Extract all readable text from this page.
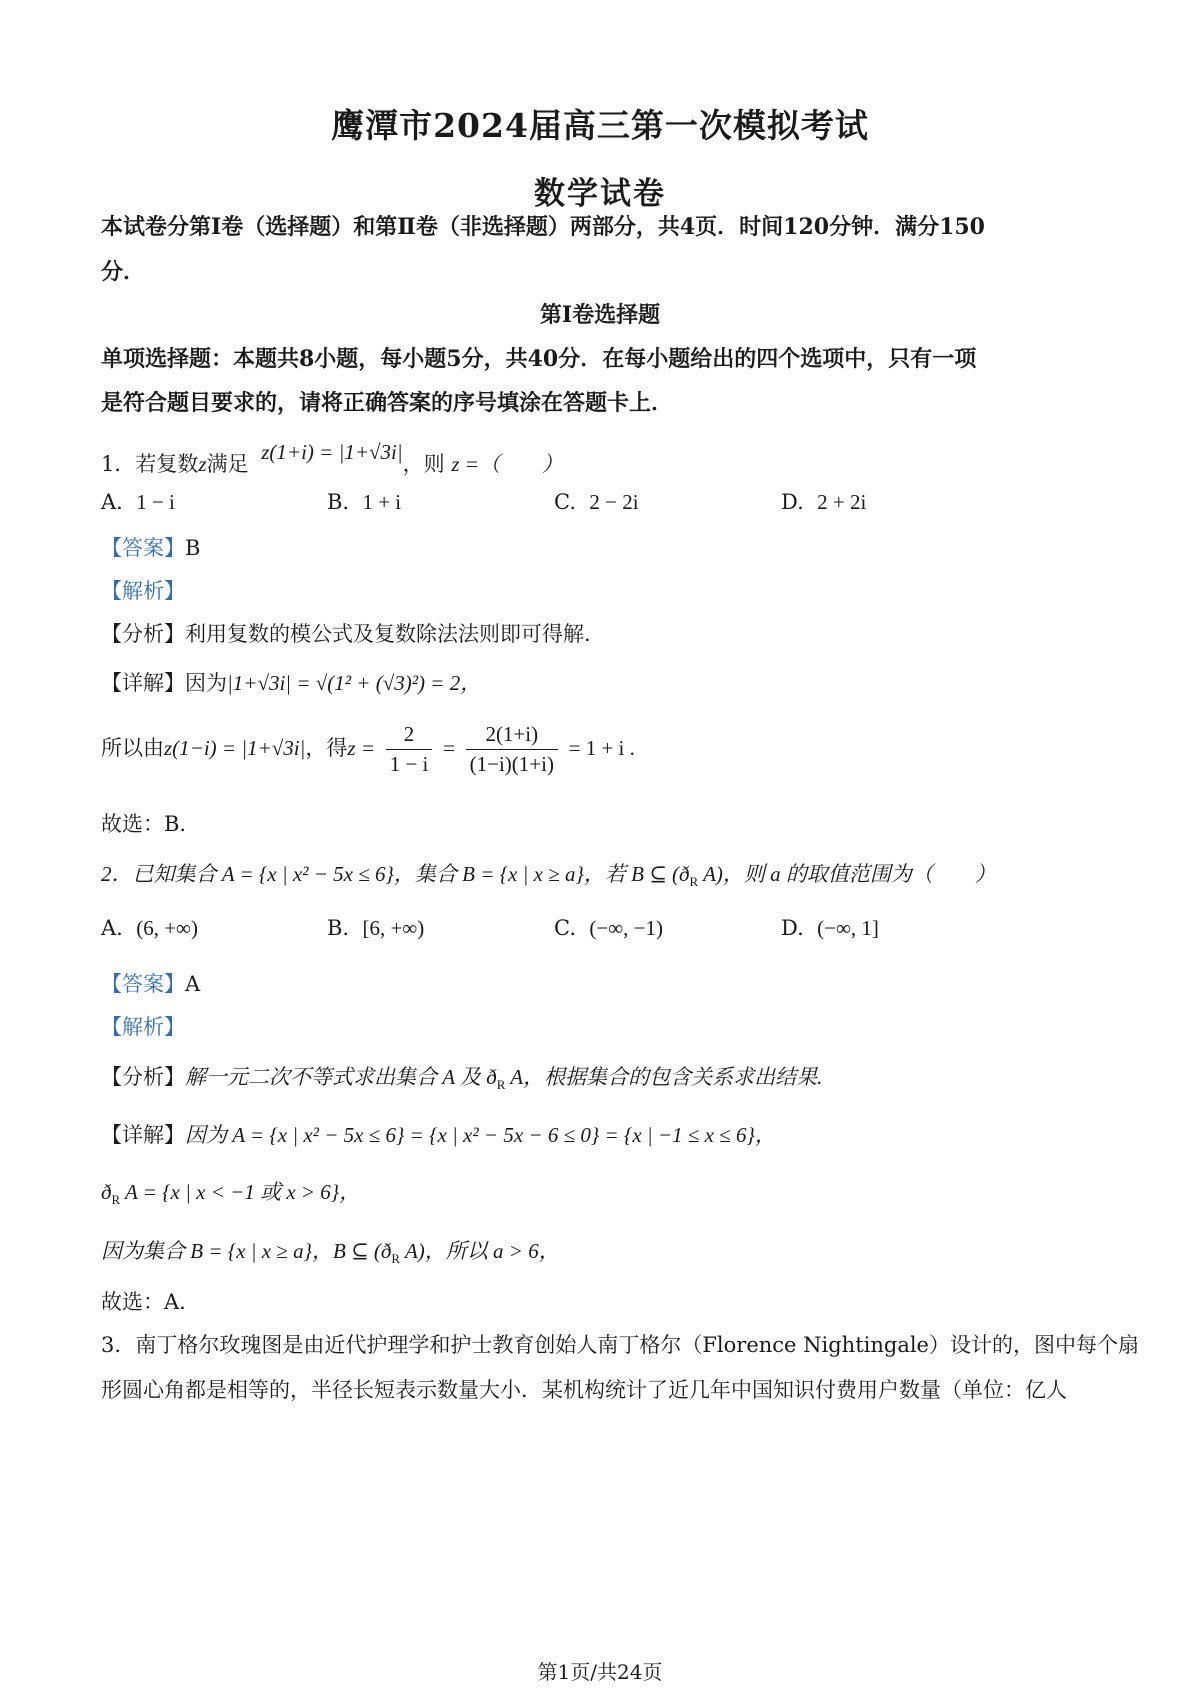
鹰潭市2024届高三第一次模拟考试
数学试卷
本试卷分第Ⅰ卷（选择题）和第Ⅱ卷（非选择题）两部分，共4页．时间120分钟．满分150
分．
第Ⅰ卷选择题
单项选择题：本题共8小题，每小题5分，共40分．在每小题给出的四个选项中，只有一项
是符合题目要求的，请将正确答案的序号填涂在答题卡上．
1．若复数z满足 z(1+i) = |1+√3i|，则 z =（　　）
A. 1 − i	B. 1 + i	C. 2 − 2i	D. 2 + 2i
【答案】B
【解析】
【分析】利用复数的模公式及复数除法法则即可得解.
【详解】因为|1+√3i| = √(1² + (√3)²) = 2，
所以由z(1−i) = |1+√3i|，得$z = \frac{2}{1 - i} = \frac{2(1+i)}{(1-i)(1+i)} = 1 + i$ .
故选：B.
2．已知集合 A = {x | x² − 5x ≤ 6}，集合 B = {x | x ≥ a}，若 B ⊆ ($ð_R$ A)，则 a 的取值范围为（　　）
A. (6, +∞)	B. [6, +∞)	C. (−∞, −1)	D. (−∞, 1]
【答案】A
【解析】
【分析】解一元二次不等式求出集合 A 及 $ð_R$ A，根据集合的包含关系求出结果.
【详解】因为 A = {x | x² − 5x ≤ 6} = {x | x² − 5x − 6 ≤ 0} = {x | −1 ≤ x ≤ 6}，
$ð_R$ A = {x | x < −1 或 x > 6}，
因为集合 B = {x | x ≥ a}，B ⊆ ($ð_R$ A)，所以 a > 6，
故选：A.
3．南丁格尔玫瑰图是由近代护理学和护士教育创始人南丁格尔（Florence Nightingale）设计的，图中每个扇
形圆心角都是相等的，半径长短表示数量大小．某机构统计了近几年中国知识付费用户数量（单位：亿人
第1页/共24页
